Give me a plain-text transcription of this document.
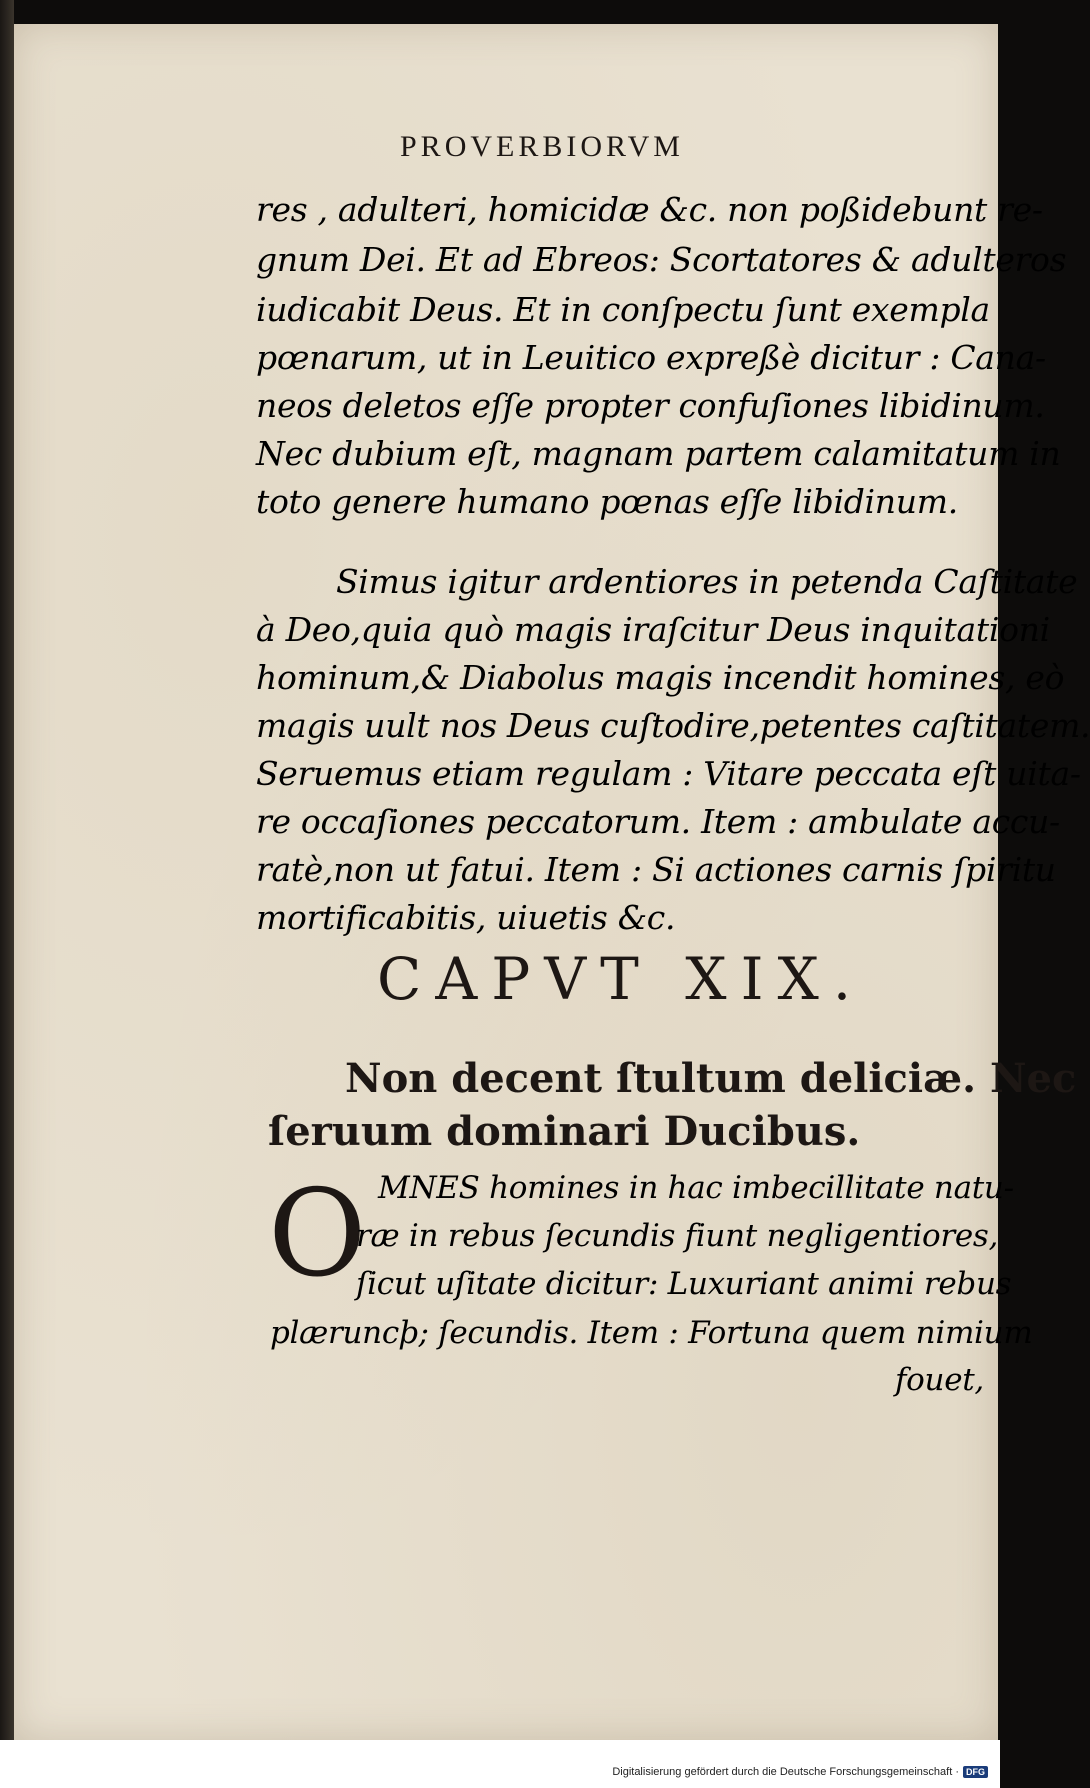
PROVERBIORVM
res , adulteri, homicidæ &c. non poßidebunt re-
gnum Dei. Et ad Ebreos: Scortatores & adulteros
iudicabit Deus. Et in conſpectu ſunt exempla
pœnarum, ut in Leuitico expreßè dicitur : Cana-
neos deletos eſſe propter confuſiones libidinum.
Nec dubium eſt, magnam partem calamitatum in
toto genere humano pœnas eſſe libidinum.
Simus igitur ardentiores in petenda Caſtitate
à Deo,quia quò magis iraſcitur Deus inquitationi
hominum,& Diabolus magis incendit homines, eò
magis uult nos Deus cuſtodire,petentes caſtitatem.
Seruemus etiam regulam : Vitare peccata eſt uita-
re occaſiones peccatorum. Item : ambulate accu-
ratè,non ut fatui. Item : Si actiones carnis ſpiritu
mortificabitis, uiuetis &c.
CAPVT XIX.
Non decent ſtultum deliciæ. Nec
ſeruum dominari Ducibus.
O MNES homines in hac imbecillitate natu-
ræ in rebus ſecundis fiunt negligentiores,
ſicut uſitate dicitur: Luxuriant animi rebus
plæruncþ; ſecundis. Item : Fortuna quem nimium
fouet,
Digitalisierung gefördert durch die Deutsche Forschungsgemeinschaft · DFG
